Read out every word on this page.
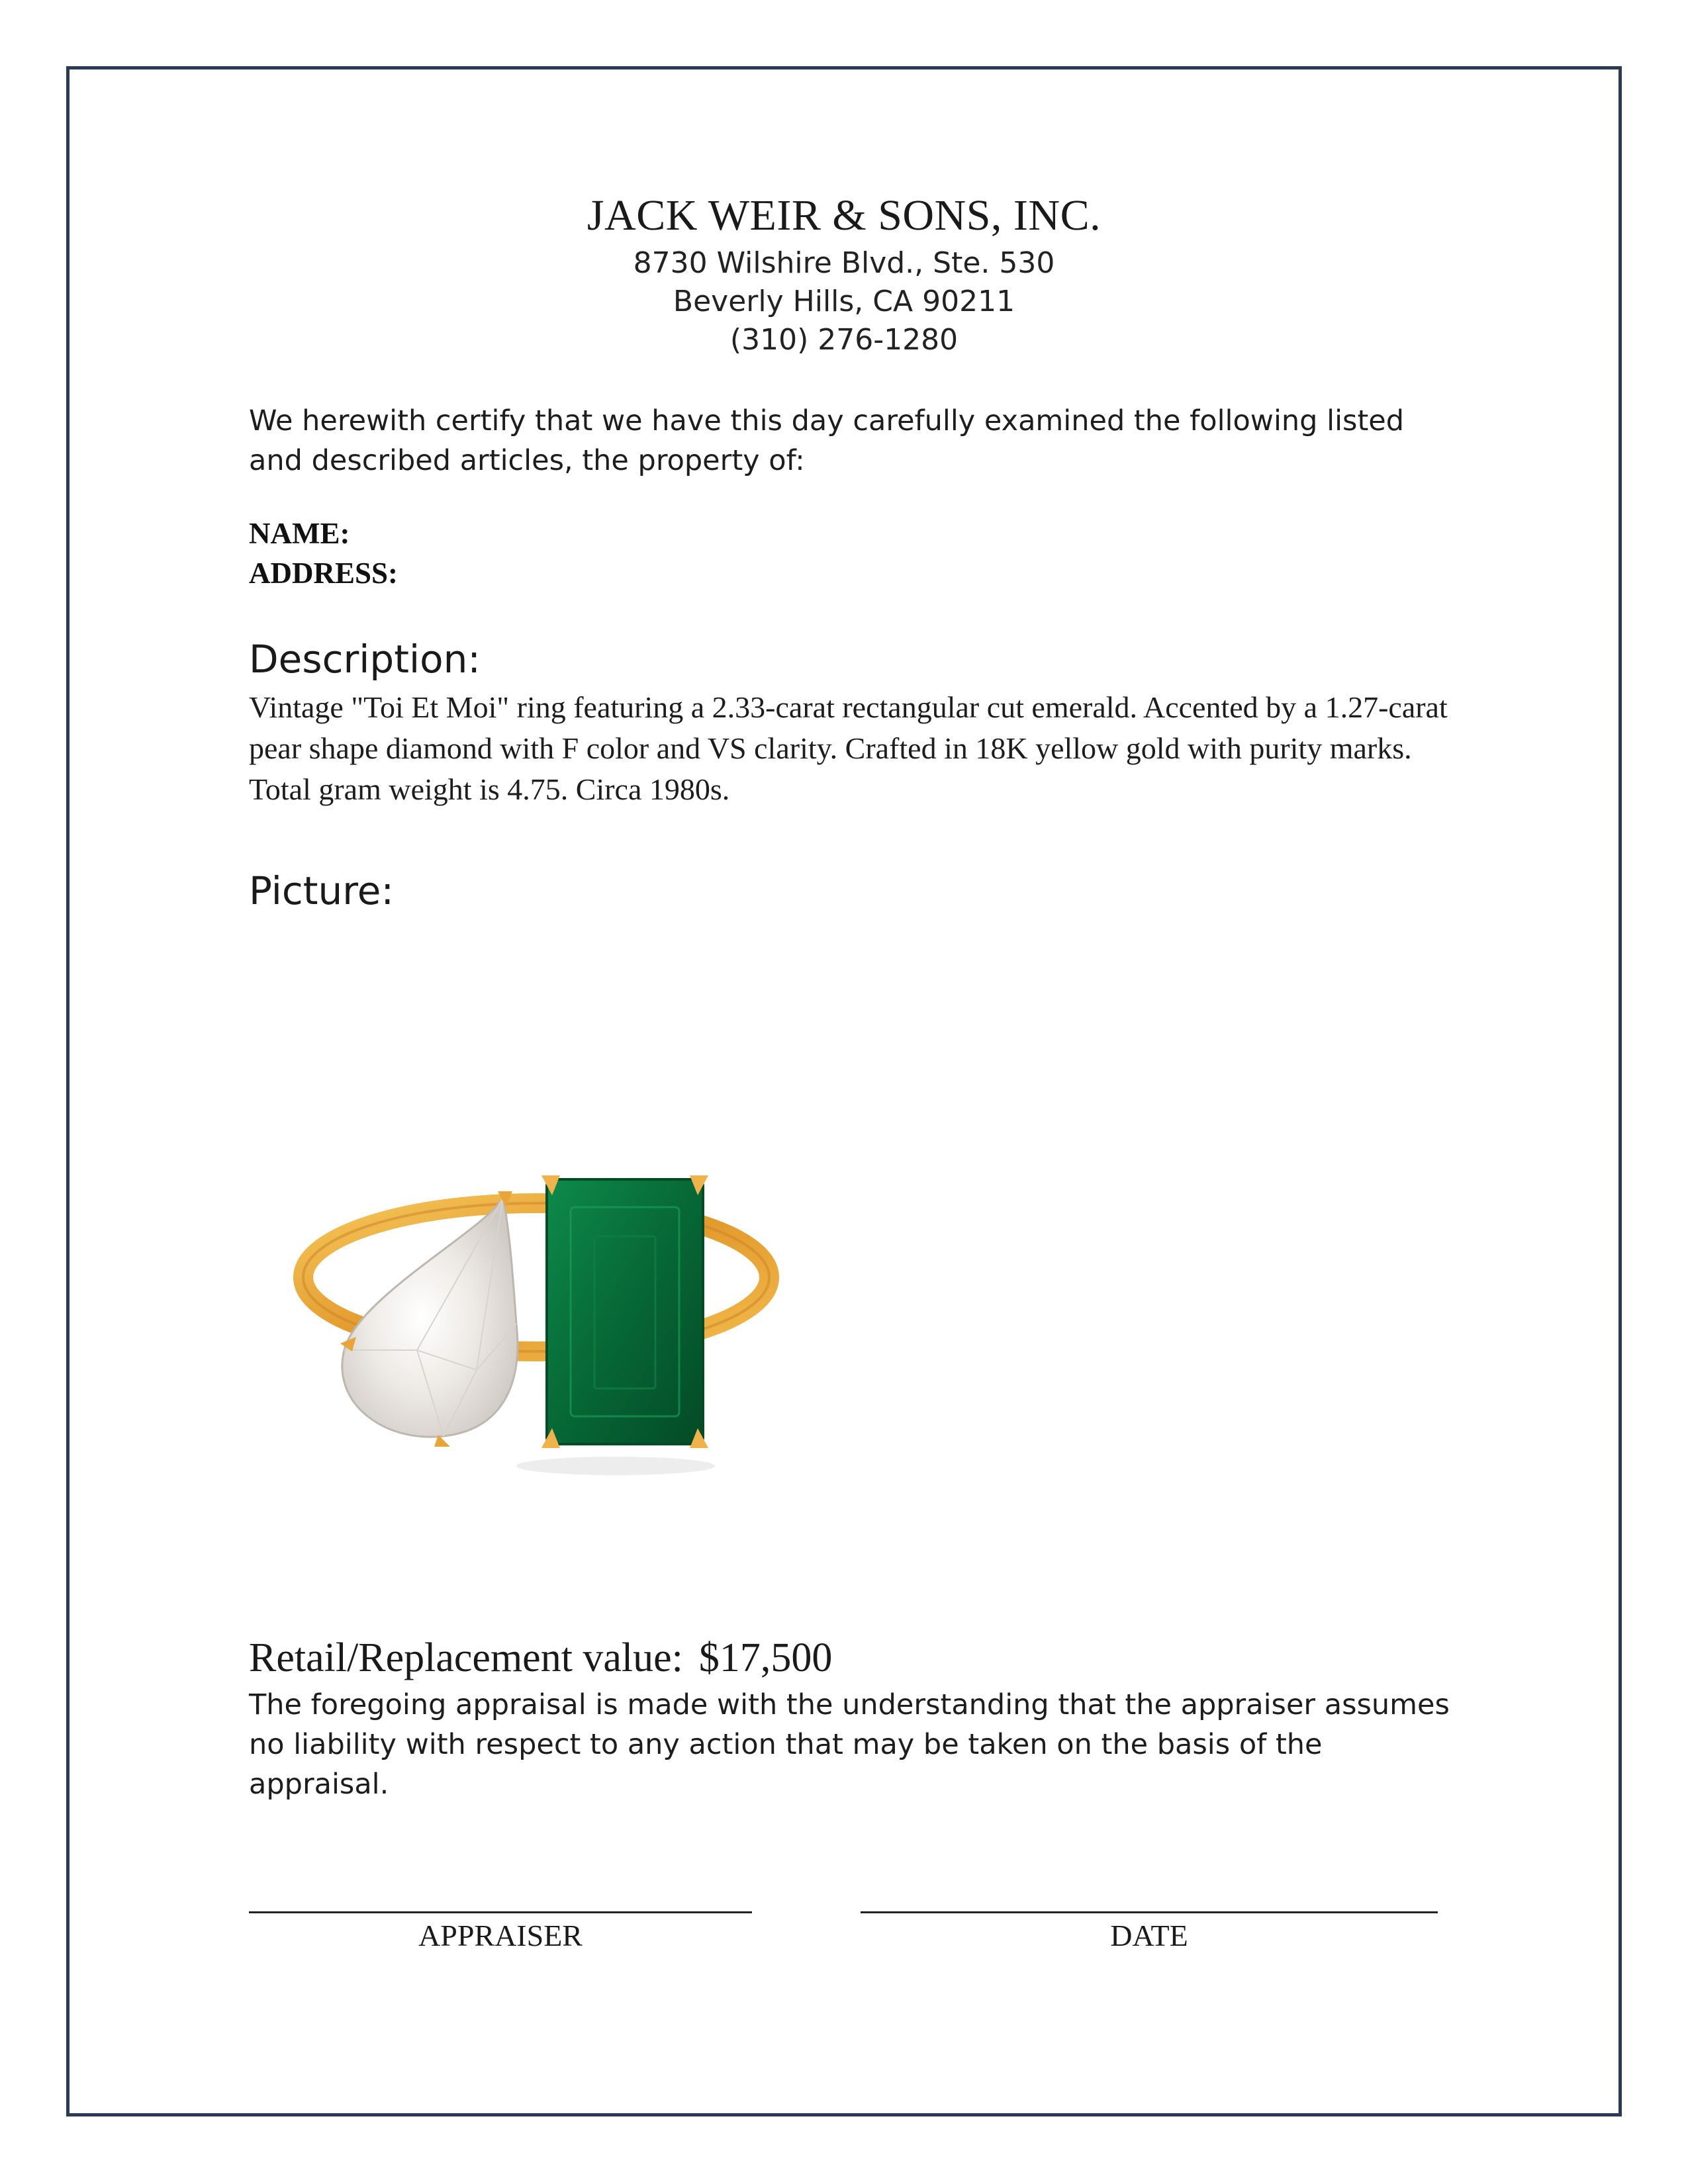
JACK WEIR & SONS, INC.
8730 Wilshire Blvd., Ste. 530
Beverly Hills, CA 90211
(310) 276-1280
We herewith certify that we have this day carefully examined the following listed and described articles, the property of:
NAME:
ADDRESS:
Description:
Vintage "Toi Et Moi" ring featuring a 2.33-carat rectangular cut emerald. Accented by a 1.27-carat pear shape diamond with F color and VS clarity. Crafted in 18K yellow gold with purity marks. Total gram weight is 4.75. Circa 1980s.
Picture:
Retail/Replacement value: $17,500
The foregoing appraisal is made with the understanding that the appraiser assumes no liability with respect to any action that may be taken on the basis of the appraisal.
APPRAISER	DATE
